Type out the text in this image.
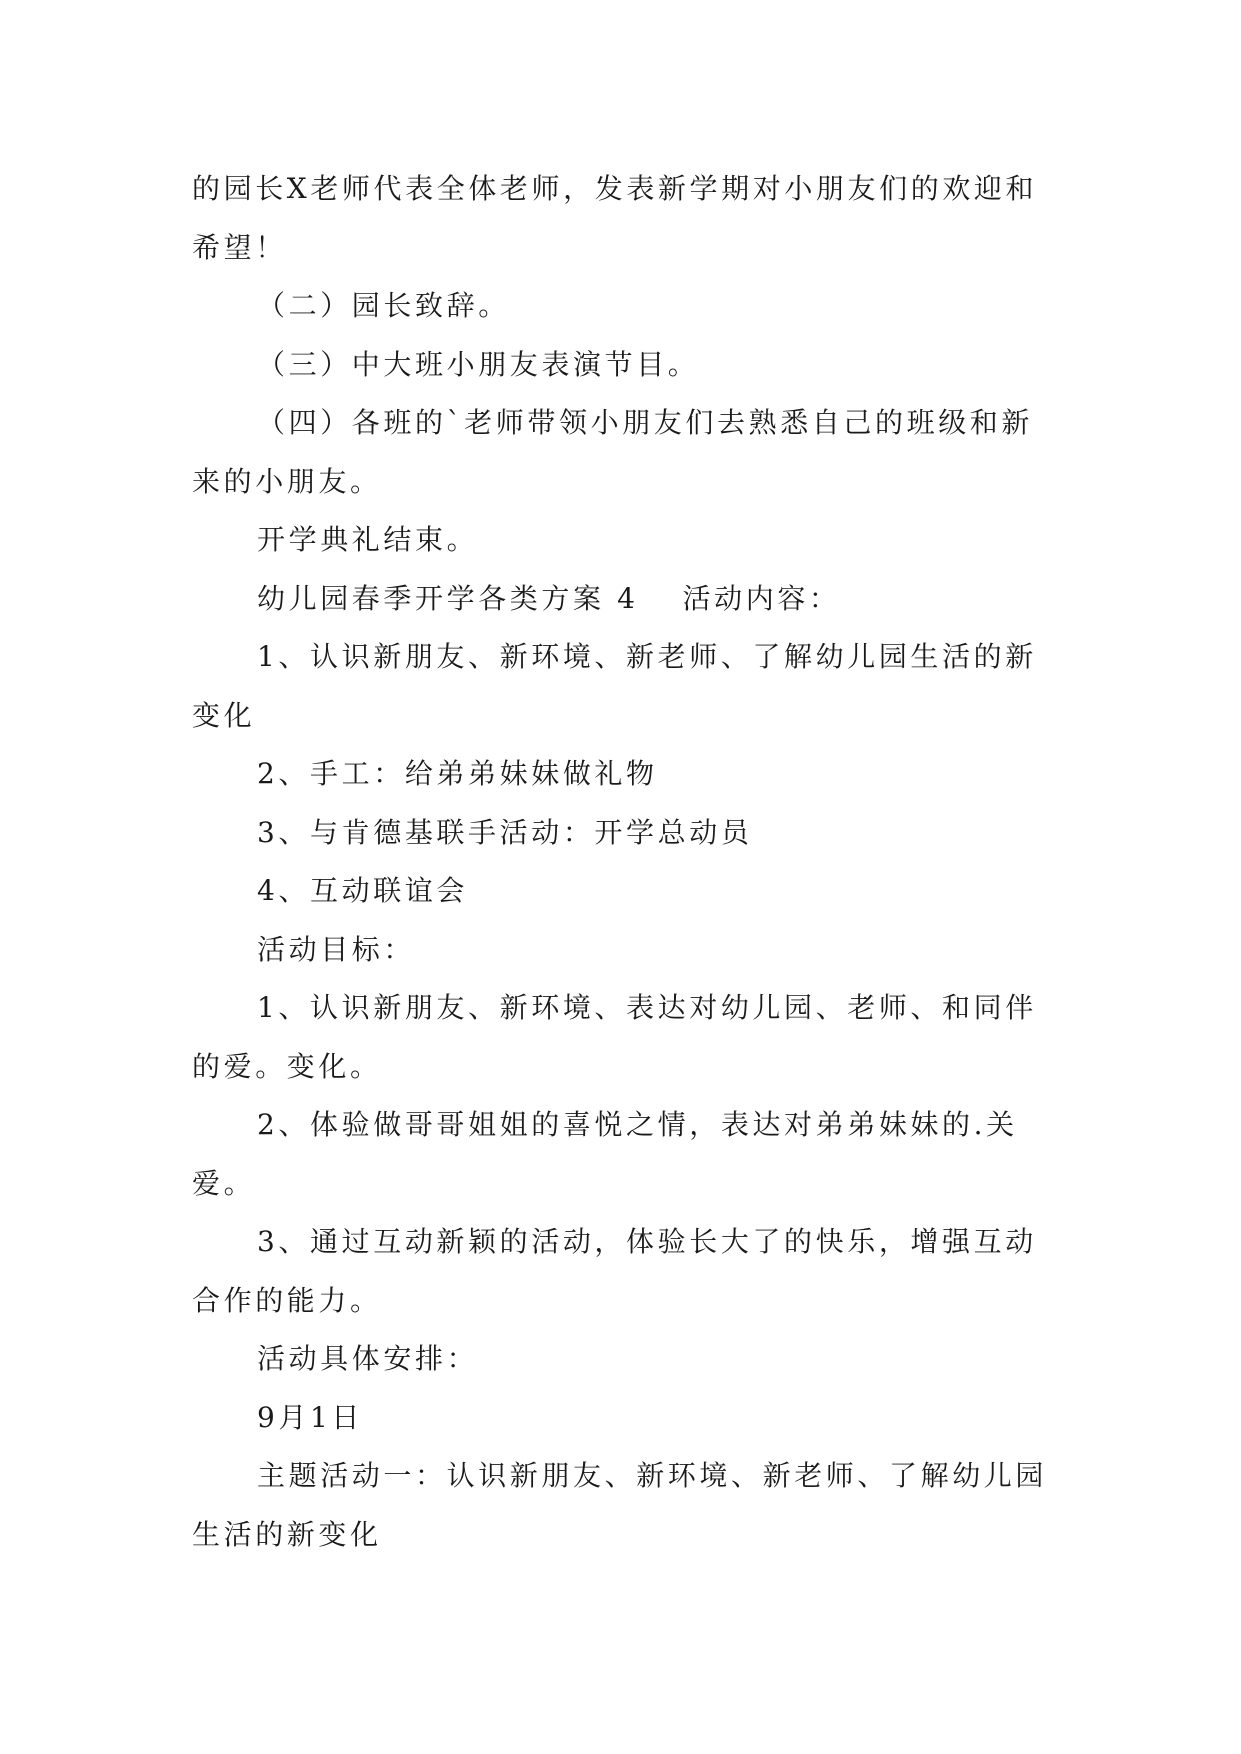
的园长X老师代表全体老师，发表新学期对小朋友们的欢迎和希望！

（二）园长致辞。

（三）中大班小朋友表演节目。

（四）各班的`老师带领小朋友们去熟悉自己的班级和新来的小朋友。

开学典礼结束。

幼儿园春季开学各类方案 4 活动内容：

1、认识新朋友、新环境、新老师、了解幼儿园生活的新变化

2、手工：给弟弟妹妹做礼物

3、与肯德基联手活动：开学总动员

4、互动联谊会

活动目标：

1、认识新朋友、新环境、表达对幼儿园、老师、和同伴的爱。变化。

2、体验做哥哥姐姐的喜悦之情，表达对弟弟妹妹的.关爱。

3、通过互动新颖的活动，体验长大了的快乐，增强互动合作的能力。

活动具体安排：

9月1日

主题活动一：认识新朋友、新环境、新老师、了解幼儿园生活的新变化
